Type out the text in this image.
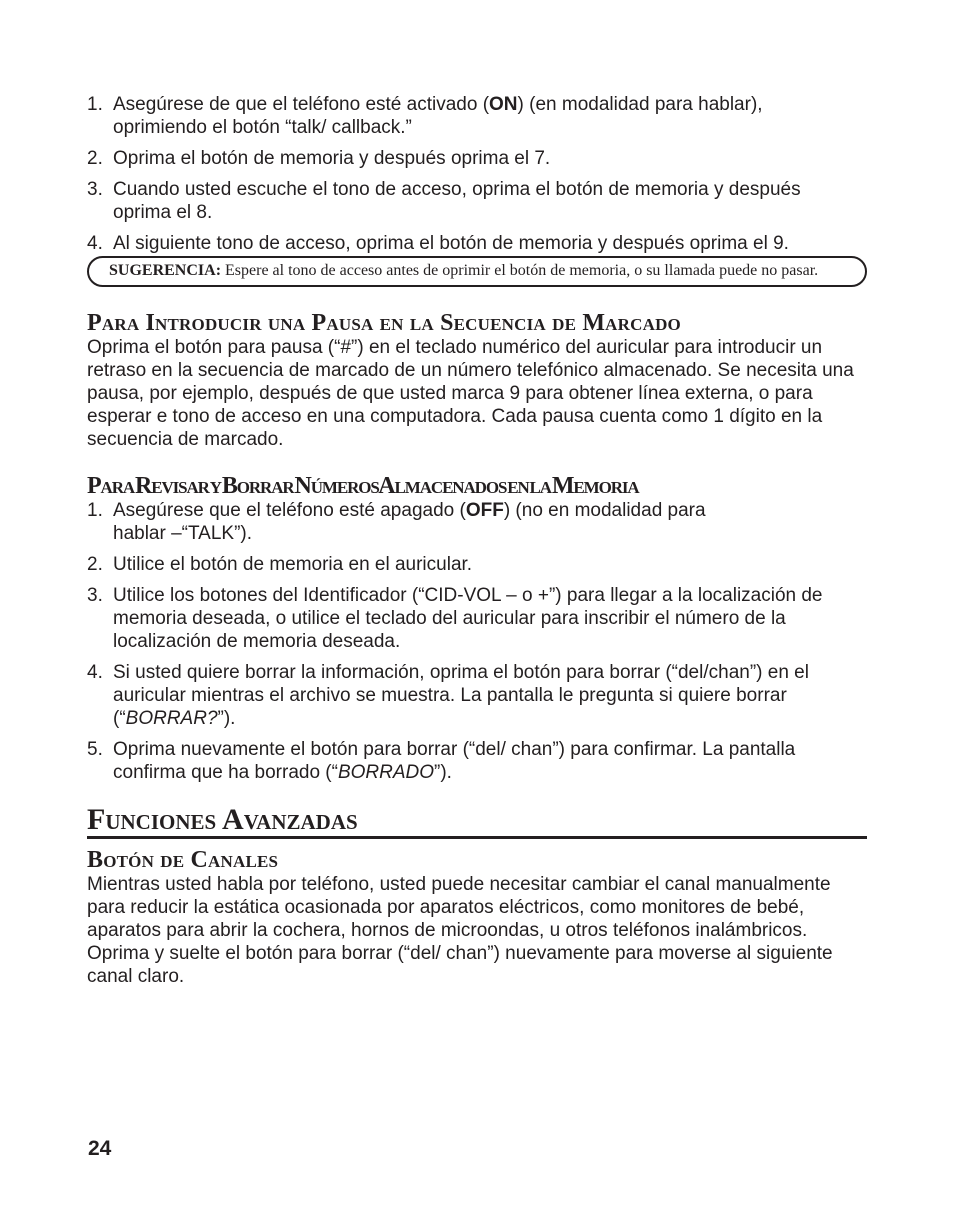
1. Asegúrese de que el teléfono esté activado (ON) (en modalidad para hablar), oprimiendo el botón “talk/ callback.”
2. Oprima el botón de memoria y después oprima el 7.
3. Cuando usted escuche el tono de acceso, oprima el botón de memoria y después oprima el 8.
4. Al siguiente tono de acceso, oprima el botón de memoria y después oprima el 9.
SUGERENCIA: Espere al tono de acceso antes de oprimir el botón de memoria, o su llamada puede no pasar.
Para Introducir una Pausa en la Secuencia de Marcado

Oprima el botón para pausa (“#”) en el teclado numérico del auricular para introducir un retraso en la secuencia de marcado de un número telefónico almacenado. Se necesita una pausa, por ejemplo, después de que usted marca 9 para obtener línea externa, o para esperar e tono de acceso en una computadora. Cada pausa cuenta como 1 dígito en la secuencia de marcado.

Para Revisar y Borrar Números Almacenados en la Memoria
1. Asegúrese que el teléfono esté apagado (OFF) (no en modalidad para hablar –“TALK”).
2. Utilice el botón de memoria en el auricular.
3. Utilice los botones del Identificador (“CID-VOL – o +”) para llegar a la localización de memoria deseada, o utilice el teclado del auricular para inscribir el número de la localización de memoria deseada.
4. Si usted quiere borrar la información, oprima el botón para borrar (“del/chan”) en el auricular mientras el archivo se muestra. La pantalla le pregunta si quiere borrar (“BORRAR?”).
5. Oprima nuevamente el botón para borrar (“del/ chan”) para confirmar. La pantalla confirma que ha borrado (“BORRADO”).
Funciones Avanzadas
Botón de Canales

Mientras usted habla por teléfono, usted puede necesitar cambiar el canal manualmente para reducir la estática ocasionada por aparatos eléctricos, como monitores de bebé, aparatos para abrir la cochera, hornos de microondas, u otros teléfonos inalámbricos. Oprima y suelte el botón para borrar (“del/ chan”) nuevamente para moverse al siguiente canal claro.

24
